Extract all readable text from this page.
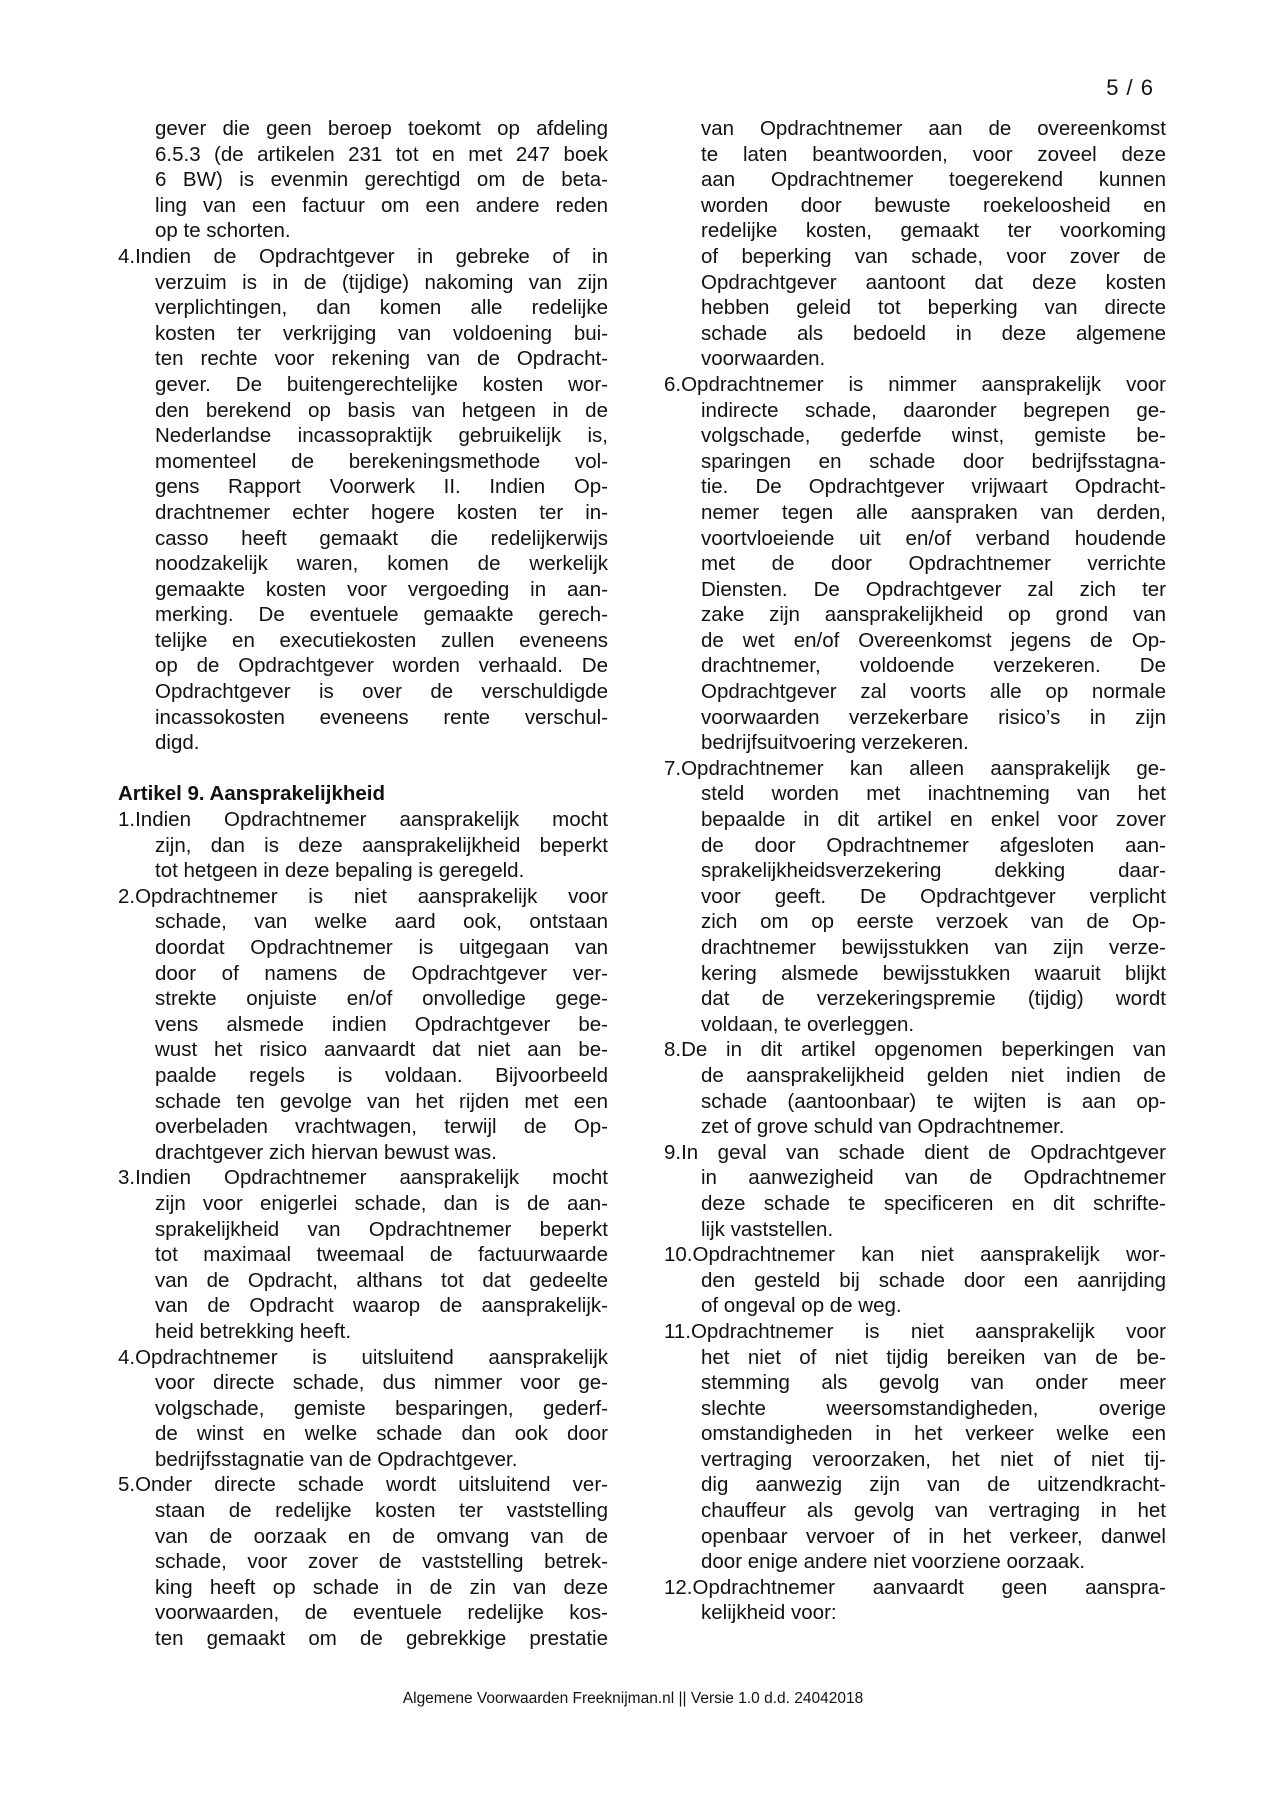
5 / 6
gever die geen beroep toekomt op afdeling
6.5.3 (de artikelen 231 tot en met 247 boek
6 BW) is evenmin gerechtigd om de beta-
ling van een factuur om een andere reden
op te schorten.
4.Indien de Opdrachtgever in gebreke of in
verzuim is in de (tijdige) nakoming van zijn
verplichtingen, dan komen alle redelijke
kosten ter verkrijging van voldoening bui-
ten rechte voor rekening van de Opdracht-
gever. De buitengerechtelijke kosten wor-
den berekend op basis van hetgeen in de
Nederlandse incassopraktijk gebruikelijk is,
momenteel de berekeningsmethode vol-
gens Rapport Voorwerk II. Indien Op-
drachtnemer echter hogere kosten ter in-
casso heeft gemaakt die redelijkerwijs
noodzakelijk waren, komen de werkelijk
gemaakte kosten voor vergoeding in aan-
merking. De eventuele gemaakte gerech-
telijke en executiekosten zullen eveneens
op de Opdrachtgever worden verhaald. De
Opdrachtgever is over de verschuldigde
incassokosten eveneens rente verschul-
digd.
Artikel 9. Aansprakelijkheid
1.Indien Opdrachtnemer aansprakelijk mocht
zijn, dan is deze aansprakelijkheid beperkt
tot hetgeen in deze bepaling is geregeld.
2.Opdrachtnemer is niet aansprakelijk voor
schade, van welke aard ook, ontstaan
doordat Opdrachtnemer is uitgegaan van
door of namens de Opdrachtgever ver-
strekte onjuiste en/of onvolledige gege-
vens alsmede indien Opdrachtgever be-
wust het risico aanvaardt dat niet aan be-
paalde regels is voldaan. Bijvoorbeeld
schade ten gevolge van het rijden met een
overbeladen vrachtwagen, terwijl de Op-
drachtgever zich hiervan bewust was.
3.Indien Opdrachtnemer aansprakelijk mocht
zijn voor enigerlei schade, dan is de aan-
sprakelijkheid van Opdrachtnemer beperkt
tot maximaal tweemaal de factuurwaarde
van de Opdracht, althans tot dat gedeelte
van de Opdracht waarop de aansprakelijk-
heid betrekking heeft.
4.Opdrachtnemer is uitsluitend aansprakelijk
voor directe schade, dus nimmer voor ge-
volgschade, gemiste besparingen, gederf-
de winst en welke schade dan ook door
bedrijfsstagnatie van de Opdrachtgever.
5.Onder directe schade wordt uitsluitend ver-
staan de redelijke kosten ter vaststelling
van de oorzaak en de omvang van de
schade, voor zover de vaststelling betrek-
king heeft op schade in de zin van deze
voorwaarden, de eventuele redelijke kos-
ten gemaakt om de gebrekkige prestatie
van Opdrachtnemer aan de overeenkomst
te laten beantwoorden, voor zoveel deze
aan Opdrachtnemer toegerekend kunnen
worden door bewuste roekeloosheid en
redelijke kosten, gemaakt ter voorkoming
of beperking van schade, voor zover de
Opdrachtgever aantoont dat deze kosten
hebben geleid tot beperking van directe
schade als bedoeld in deze algemene
voorwaarden.
6.Opdrachtnemer is nimmer aansprakelijk voor
indirecte schade, daaronder begrepen ge-
volgschade, gederfde winst, gemiste be-
sparingen en schade door bedrijfsstagna-
tie. De Opdrachtgever vrijwaart Opdracht-
nemer tegen alle aanspraken van derden,
voortvloeiende uit en/of verband houdende
met de door Opdrachtnemer verrichte
Diensten. De Opdrachtgever zal zich ter
zake zijn aansprakelijkheid op grond van
de wet en/of Overeenkomst jegens de Op-
drachtnemer, voldoende verzekeren. De
Opdrachtgever zal voorts alle op normale
voorwaarden verzekerbare risico’s in zijn
bedrijfsuitvoering verzekeren.
7.Opdrachtnemer kan alleen aansprakelijk ge-
steld worden met inachtneming van het
bepaalde in dit artikel en enkel voor zover
de door Opdrachtnemer afgesloten aan-
sprakelijkheidsverzekering dekking daar-
voor geeft. De Opdrachtgever verplicht
zich om op eerste verzoek van de Op-
drachtnemer bewijsstukken van zijn verze-
kering alsmede bewijsstukken waaruit blijkt
dat de verzekeringspremie (tijdig) wordt
voldaan, te overleggen.
8.De in dit artikel opgenomen beperkingen van
de aansprakelijkheid gelden niet indien de
schade (aantoonbaar) te wijten is aan op-
zet of grove schuld van Opdrachtnemer.
9.In geval van schade dient de Opdrachtgever
in aanwezigheid van de Opdrachtnemer
deze schade te specificeren en dit schrifte-
lijk vaststellen.
10.Opdrachtnemer kan niet aansprakelijk wor-
den gesteld bij schade door een aanrijding
of ongeval op de weg.
11.Opdrachtnemer is niet aansprakelijk voor
het niet of niet tijdig bereiken van de be-
stemming als gevolg van onder meer
slechte weersomstandigheden, overige
omstandigheden in het verkeer welke een
vertraging veroorzaken, het niet of niet tij-
dig aanwezig zijn van de uitzendkracht-
chauffeur als gevolg van vertraging in het
openbaar vervoer of in het verkeer, danwel
door enige andere niet voorziene oorzaak.
12.Opdrachtnemer aanvaardt geen aanspra-
kelijkheid voor:
Algemene Voorwaarden Freeknijman.nl || Versie 1.0 d.d. 24042018
